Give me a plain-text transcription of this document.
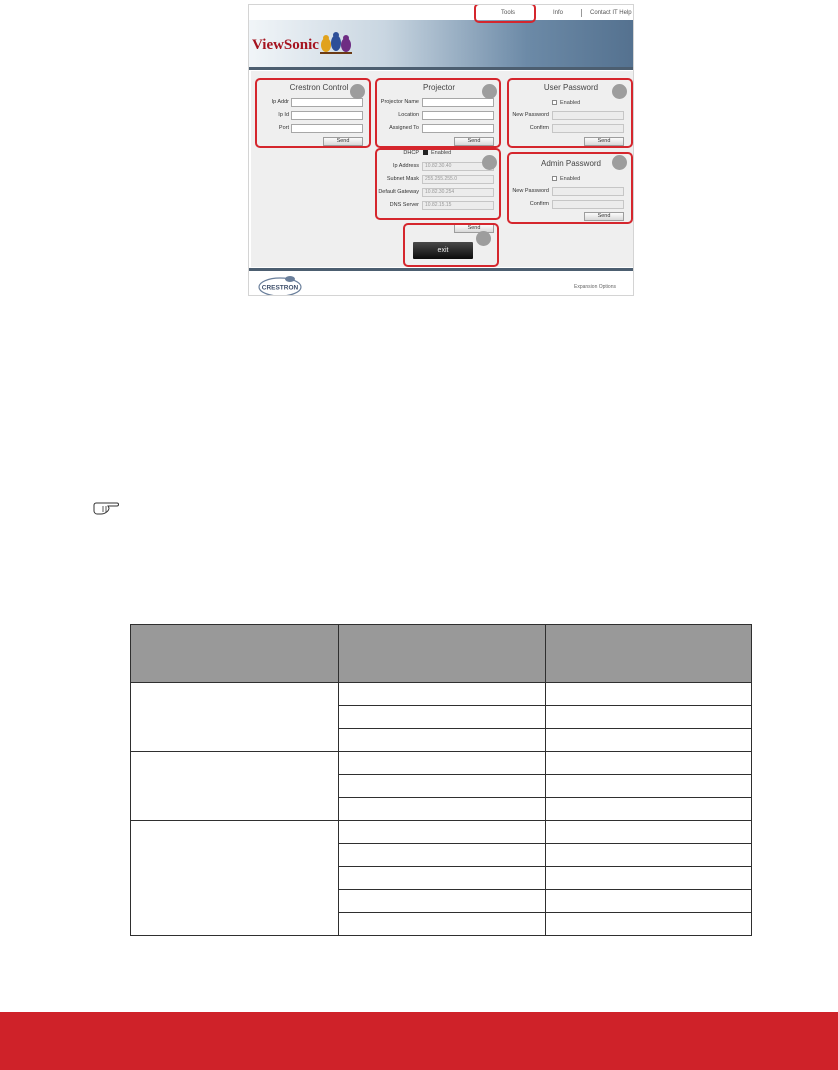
Tools	Info	Contact IT Help
ViewSonic
Crestron Control
Ip Addr
Ip Id
Port
Send
Projector
Projector Name
Location
Assigned To
Send
DHCP Enabled
Ip Address	10.82.30.40
Subnet Mask	255.255.255.0
Default Gateway	10.82.30.254
DNS Server	10.82.15.15
Send
User Password
Enabled
New Password
Confirm
Send
Admin Password
Enabled
New Password
Confirm
Send
exit
CRESTRON	Expansion Options
